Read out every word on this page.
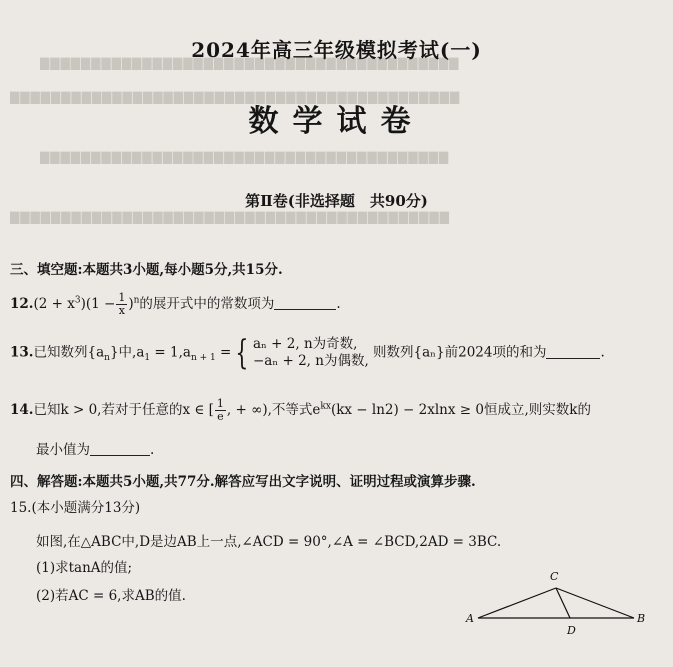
▇▇▇▇▇▇▇▇▇▇▇▇▇▇▇▇▇▇▇▇▇▇▇▇▇▇▇▇▇▇▇▇▇▇▇▇▇▇▇▇▇
▇▇▇▇▇▇▇▇▇▇▇▇▇▇▇▇▇▇▇▇▇▇▇▇▇▇▇▇▇▇▇▇▇▇▇▇▇▇▇▇▇▇▇▇
▇▇▇▇▇▇▇▇▇▇▇▇▇▇▇▇▇▇▇▇▇▇▇▇▇▇▇▇▇▇▇▇▇▇▇▇▇▇▇▇
▇▇▇▇▇▇▇▇▇▇▇▇▇▇▇▇▇▇▇▇▇▇▇▇▇▇▇▇▇▇▇▇▇▇▇▇▇▇▇▇▇▇▇
2024年高三年级模拟考试(一)
数学试卷
第Ⅱ卷(非选择题　共90分)
三、填空题:本题共3小题,每小题5分,共15分.
$12.(2 + x^3)(1 - \frac{1}{x} )^n$的展开式中的常数项为	.
13.已知数列$\{a_n\}$中$,a_1 = 1,a_{n + 1}$ = { aₙ + 2, n为奇数,
−aₙ + 2, n为偶数,
则数列{aₙ}前2024项的和为	.
14.已知k > 0,若对于任意的x ∈ [ $\frac{1}{e}$ , + ∞),不等式$e^{kx}(kx - \ln 2) - 2xlnx \ge 0$恒成立,则实数k的
最小值为	.
四、解答题:本题共5小题,共77分.解答应写出文字说明、证明过程或演算步骤.
15.(本小题满分13分)
如图,在△ABC中,D是边AB上一点,∠ACD = 90°,∠A = ∠BCD,2AD = 3BC.
(1)求tanA的值;
(2)若AC = 6,求AB的值.
A	B
C
D
